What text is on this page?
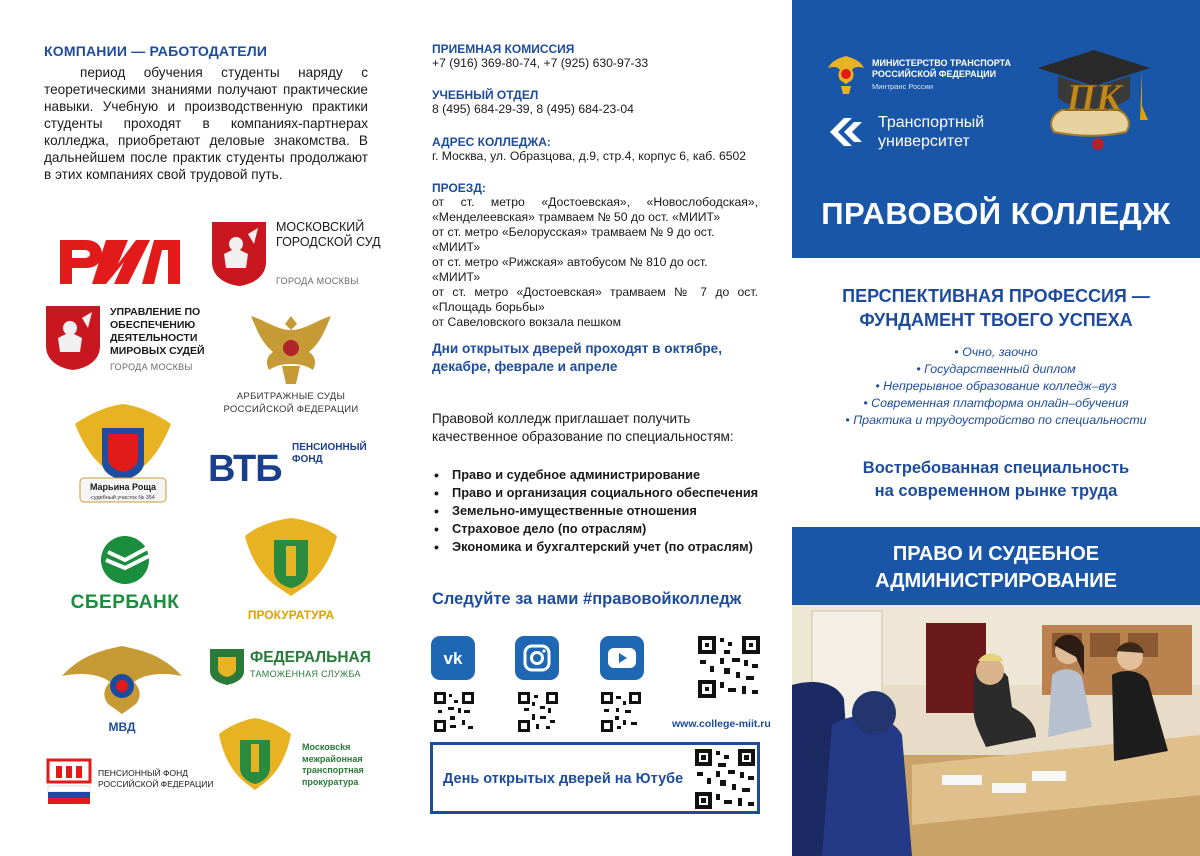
КОМПАНИИ — РАБОТОДАТЕЛИ
период обучения студенты наряду с теоретическими знаниями получают практические навыки. Учебную и производственную практики студенты проходят в компаниях-партнерах колледжа, приобретают деловые знакомства. В дальнейшем после практик студенты продолжают в этих компаниях свой трудовой путь.
МОСКОВСКИЙ ГОРОДСКОЙ СУД
ГОРОДА МОСКВЫ
УПРАВЛЕНИЕ ПО ОБЕСПЕЧЕНИЮ ДЕЯТЕЛЬНОСТИ МИРОВЫХ СУДЕЙ
ГОРОДА МОСКВЫ
АРБИТРАЖНЫЕ СУДЫ РОССИЙСКОЙ ФЕДЕРАЦИИ
Марьина Роща
судебный участок № 354
ВТБ
ПЕНСИОННЫЙ ФОНД
СБЕРБАНК
ПРОКУРАТУРА
МВД
ФЕДЕРАЛЬНАЯ
ТАМОЖЕННАЯ СЛУЖБА
ПЕНСИОННЫЙ ФОНД РОССИЙСКОЙ ФЕДЕРАЦИИ
Московсkя межрайонная транспортная прокуратура
ПРИЕМНАЯ КОМИССИЯ
+7 (916) 369-80-74, +7 (925) 630-97-33
УЧЕБНЫЙ ОТДЕЛ
8 (495) 684-29-39, 8 (495) 684-23-04
АДРЕС КОЛЛЕДЖА:
г. Москва, ул. Образцова, д.9, стр.4, корпус 6, каб. 6502
ПРОЕЗД:
от ст. метро «Достоевская», «Новослободская», «Менделеевская» трамваем № 50 до ост. «МИИТ»
от ст. метро «Белорусская» трамваем № 9 до ост. «МИИТ»
от ст. метро «Рижская» автобусом № 810 до ост. «МИИТ»
от ст. метро «Достоевская» трамваем № 7 до ост. «Площадь борьбы»
от Савеловского вокзала пешком
Дни открытых дверей проходят в октябре, декабре, феврале и апреле
Правовой колледж приглашает получить качественное образование по специальностям:
• Право и судебное администрирование
• Право и организация социального обеспечения
• Земельно-имущественные отношения
• Страховое дело (по отраслям)
• Экономика и бухгалтерский учет (по отраслям)
Следуйте за нами #правовойколледж
vk
www.college-miit.ru
День открытых дверей на Ютубе
МИНИСТЕРСТВО ТРАНСПОРТА РОССИЙСКОЙ ФЕДЕРАЦИИ
Минтранс России
Транспортный университет
ПК
ПРАВОВОЙ КОЛЛЕДЖ
ПЕРСПЕКТИВНАЯ ПРОФЕССИЯ — ФУНДАМЕНТ ТВОЕГО УСПЕХА
• Очно, заочно
• Государственный диплом
• Непрерывное образование колледж–вуз
• Современная платформа онлайн–обучения
• Практика и трудоустройство по специальности
Востребованная специальность на современном рынке труда
ПРАВО И СУДЕБНОЕ АДМИНИСТРИРОВАНИЕ
